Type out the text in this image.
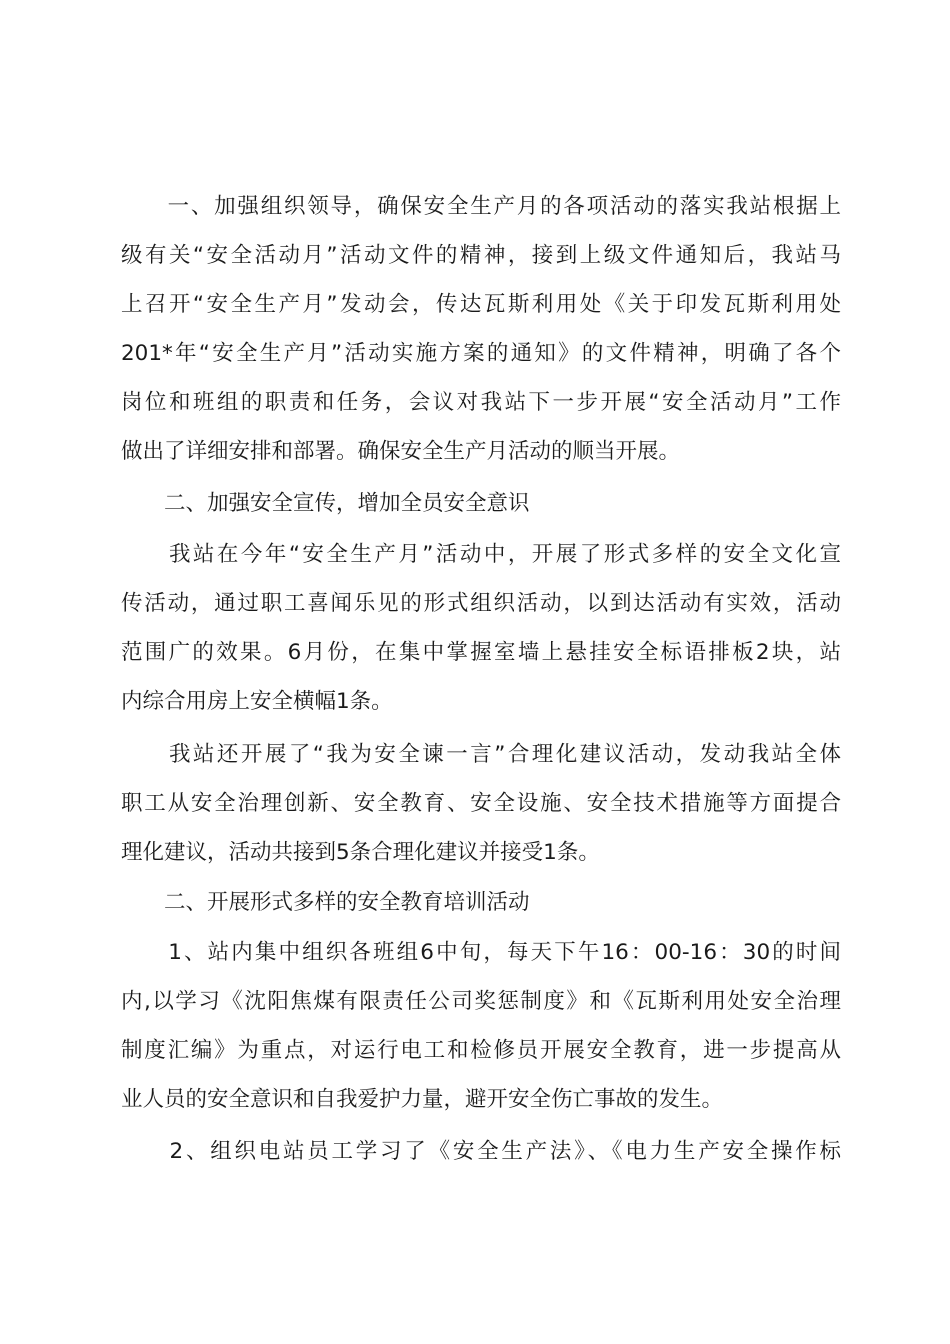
　　一、加强组织领导，确保安全生产月的各项活动的落实我站根据上
级有关“安全活动月”活动文件的精神，接到上级文件通知后，我站马
上召开“安全生产月”发动会，传达瓦斯利用处《关于印发瓦斯利用处
201*年“安全生产月”活动实施方案的通知》的文件精神，明确了各个
岗位和班组的职责和任务，会议对我站下一步开展“安全活动月”工作
做出了详细安排和部署。确保安全生产月活动的顺当开展。
　　二、加强安全宣传，增加全员安全意识
　　我站在今年“安全生产月”活动中，开展了形式多样的安全文化宣
传活动，通过职工喜闻乐见的形式组织活动，以到达活动有实效，活动
范围广的效果。6月份，在集中掌握室墙上悬挂安全标语排板2块，站
内综合用房上安全横幅1条。
　　我站还开展了“我为安全谏一言”合理化建议活动，发动我站全体
职工从安全治理创新、安全教育、安全设施、安全技术措施等方面提合
理化建议，活动共接到5条合理化建议并接受1条。
　　二、开展形式多样的安全教育培训活动
　　1、站内集中组织各班组6中旬，每天下午16：00-16：30的时间
内,以学习《沈阳焦煤有限责任公司奖惩制度》和《瓦斯利用处安全治理
制度汇编》为重点，对运行电工和检修员开展安全教育，进一步提高从
业人员的安全意识和自我爱护力量，避开安全伤亡事故的发生。
　　2、组织电站员工学习了《安全生产法》、《电力生产安全操作标
